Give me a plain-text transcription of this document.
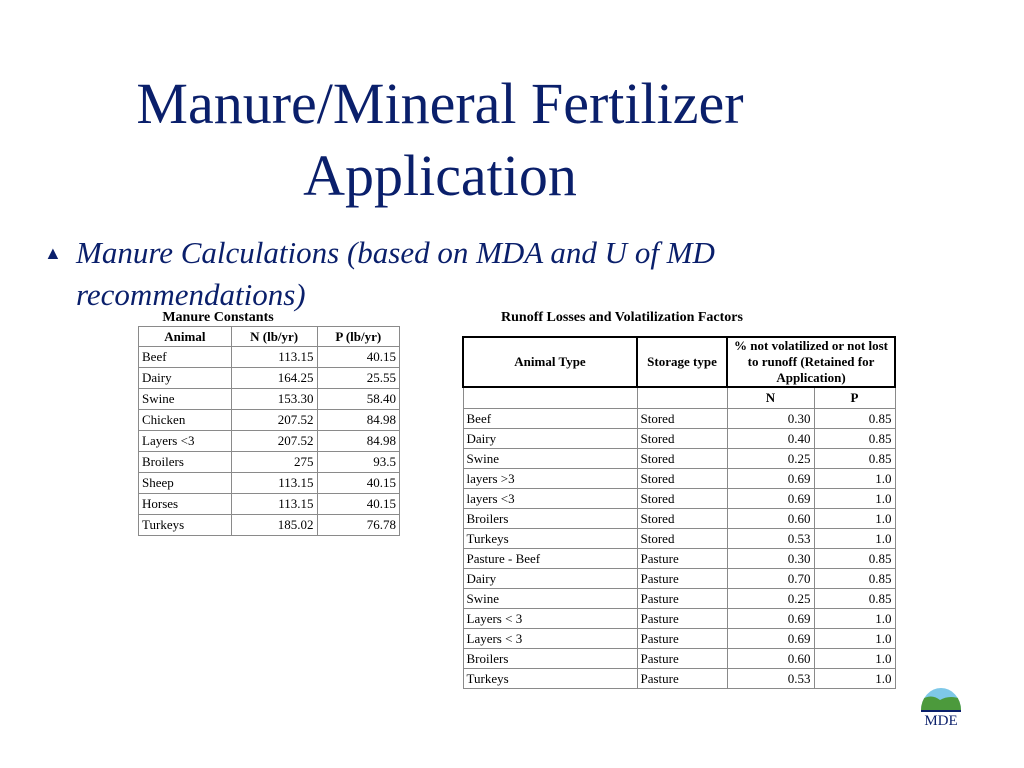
Manure/Mineral Fertilizer
Application
▲ Manure Calculations (based on MDA and U of MD
recommendations)
Manure Constants
Animal	N (lb/yr)	P (lb/yr)
Beef	113.15	40.15
Dairy	164.25	25.55
Swine	153.30	58.40
Chicken	207.52	84.98
Layers <3	207.52	84.98
Broilers	275	93.5
Sheep	113.15	40.15
Horses	113.15	40.15
Turkeys	185.02	76.78
Runoff Losses and Volatilization Factors
Animal Type	Storage type	% not volatilized or not lost to runoff (Retained for Application)	
		N	P
Beef	Stored	0.30	0.85
Dairy	Stored	0.40	0.85
Swine	Stored	0.25	0.85
layers >3	Stored	0.69	1.0
layers <3	Stored	0.69	1.0
Broilers	Stored	0.60	1.0
Turkeys	Stored	0.53	1.0
Pasture - Beef	Pasture	0.30	0.85
Dairy	Pasture	0.70	0.85
Swine	Pasture	0.25	0.85
Layers < 3	Pasture	0.69	1.0
Layers < 3	Pasture	0.69	1.0
Broilers	Pasture	0.60	1.0
Turkeys	Pasture	0.53	1.0
MDE
